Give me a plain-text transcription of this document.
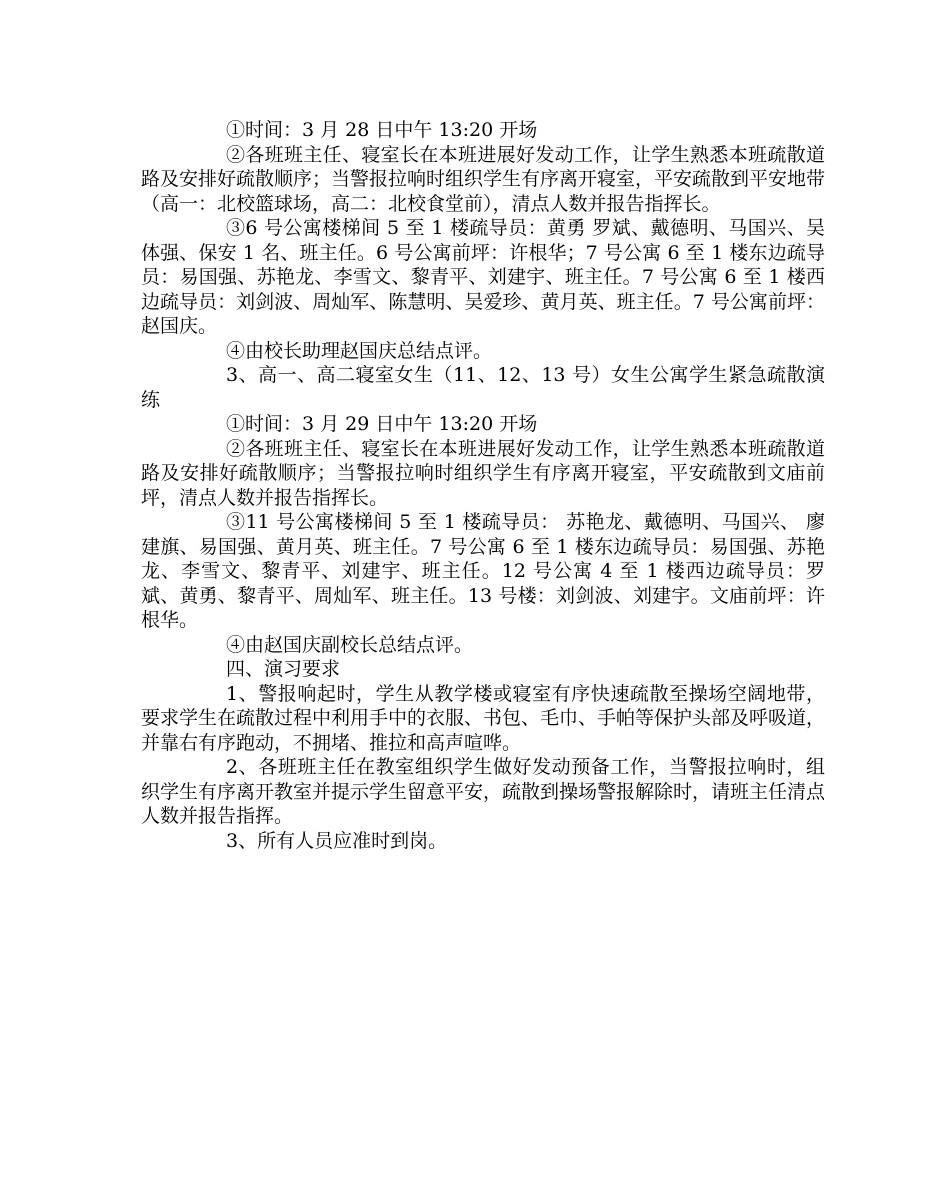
①时间：3 月 28 日中午 13:20 开场

②各班班主任、寝室长在本班进展好发动工作，让学生熟悉本班疏散道路及安排好疏散顺序；当警报拉响时组织学生有序离开寝室，平安疏散到平安地带（高一：北校篮球场，高二：北校食堂前），清点人数并报告指挥长。

③6 号公寓楼梯间 5 至 1 楼疏导员：黄勇 罗斌、戴德明、马国兴、吴体强、保安 1 名、班主任。6 号公寓前坪：许根华；7 号公寓 6 至 1 楼东边疏导员：易国强、苏艳龙、李雪文、黎青平、刘建宇、班主任。7 号公寓 6 至 1 楼西边疏导员：刘剑波、周灿军、陈慧明、吴爱珍、黄月英、班主任。7 号公寓前坪：赵国庆。

④由校长助理赵国庆总结点评。

3、高一、高二寝室女生（11、12、13 号）女生公寓学生紧急疏散演练

①时间：3 月 29 日中午 13:20 开场

②各班班主任、寝室长在本班进展好发动工作，让学生熟悉本班疏散道路及安排好疏散顺序；当警报拉响时组织学生有序离开寝室，平安疏散到文庙前坪，清点人数并报告指挥长。

③11 号公寓楼梯间 5 至 1 楼疏导员： 苏艳龙、戴德明、马国兴、 廖建旗、易国强、黄月英、班主任。7 号公寓 6 至 1 楼东边疏导员：易国强、苏艳龙、李雪文、黎青平、刘建宇、班主任。12 号公寓 4 至 1 楼西边疏导员：罗斌、黄勇、黎青平、周灿军、班主任。13 号楼：刘剑波、刘建宇。文庙前坪：许根华。

④由赵国庆副校长总结点评。

四、演习要求

1、警报响起时，学生从教学楼或寝室有序快速疏散至操场空阔地带，要求学生在疏散过程中利用手中的衣服、书包、毛巾、手帕等保护头部及呼吸道，并靠右有序跑动，不拥堵、推拉和高声喧哗。

2、各班班主任在教室组织学生做好发动预备工作，当警报拉响时，组织学生有序离开教室并提示学生留意平安，疏散到操场警报解除时，请班主任清点人数并报告指挥。

3、所有人员应准时到岗。
